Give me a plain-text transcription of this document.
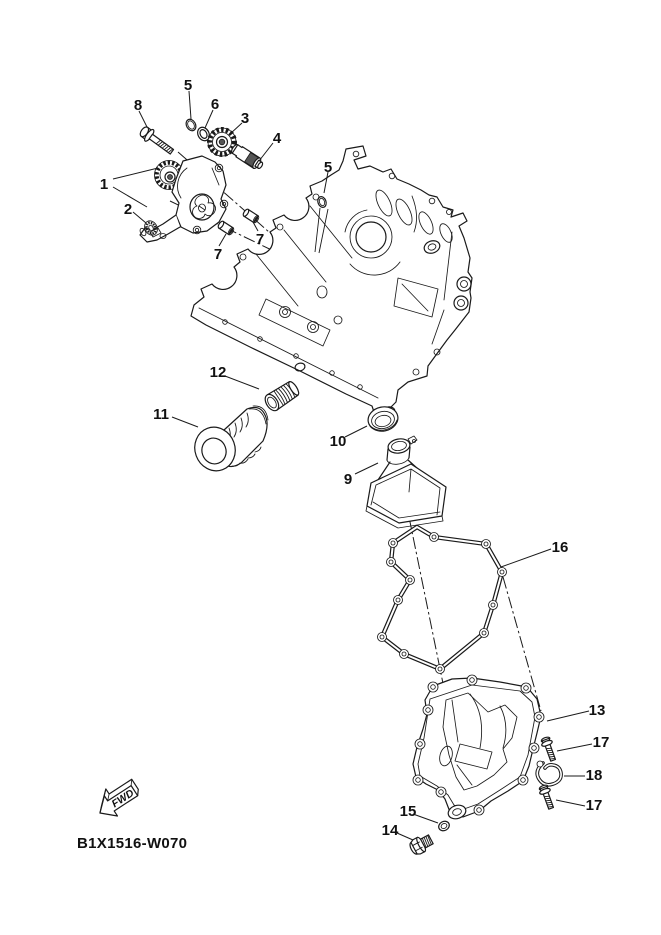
8
5
6
3
4
1
2
7
7
5
12
11
10
9
16
13
17
18
17
15
14
FWD
B1X1516-W070
